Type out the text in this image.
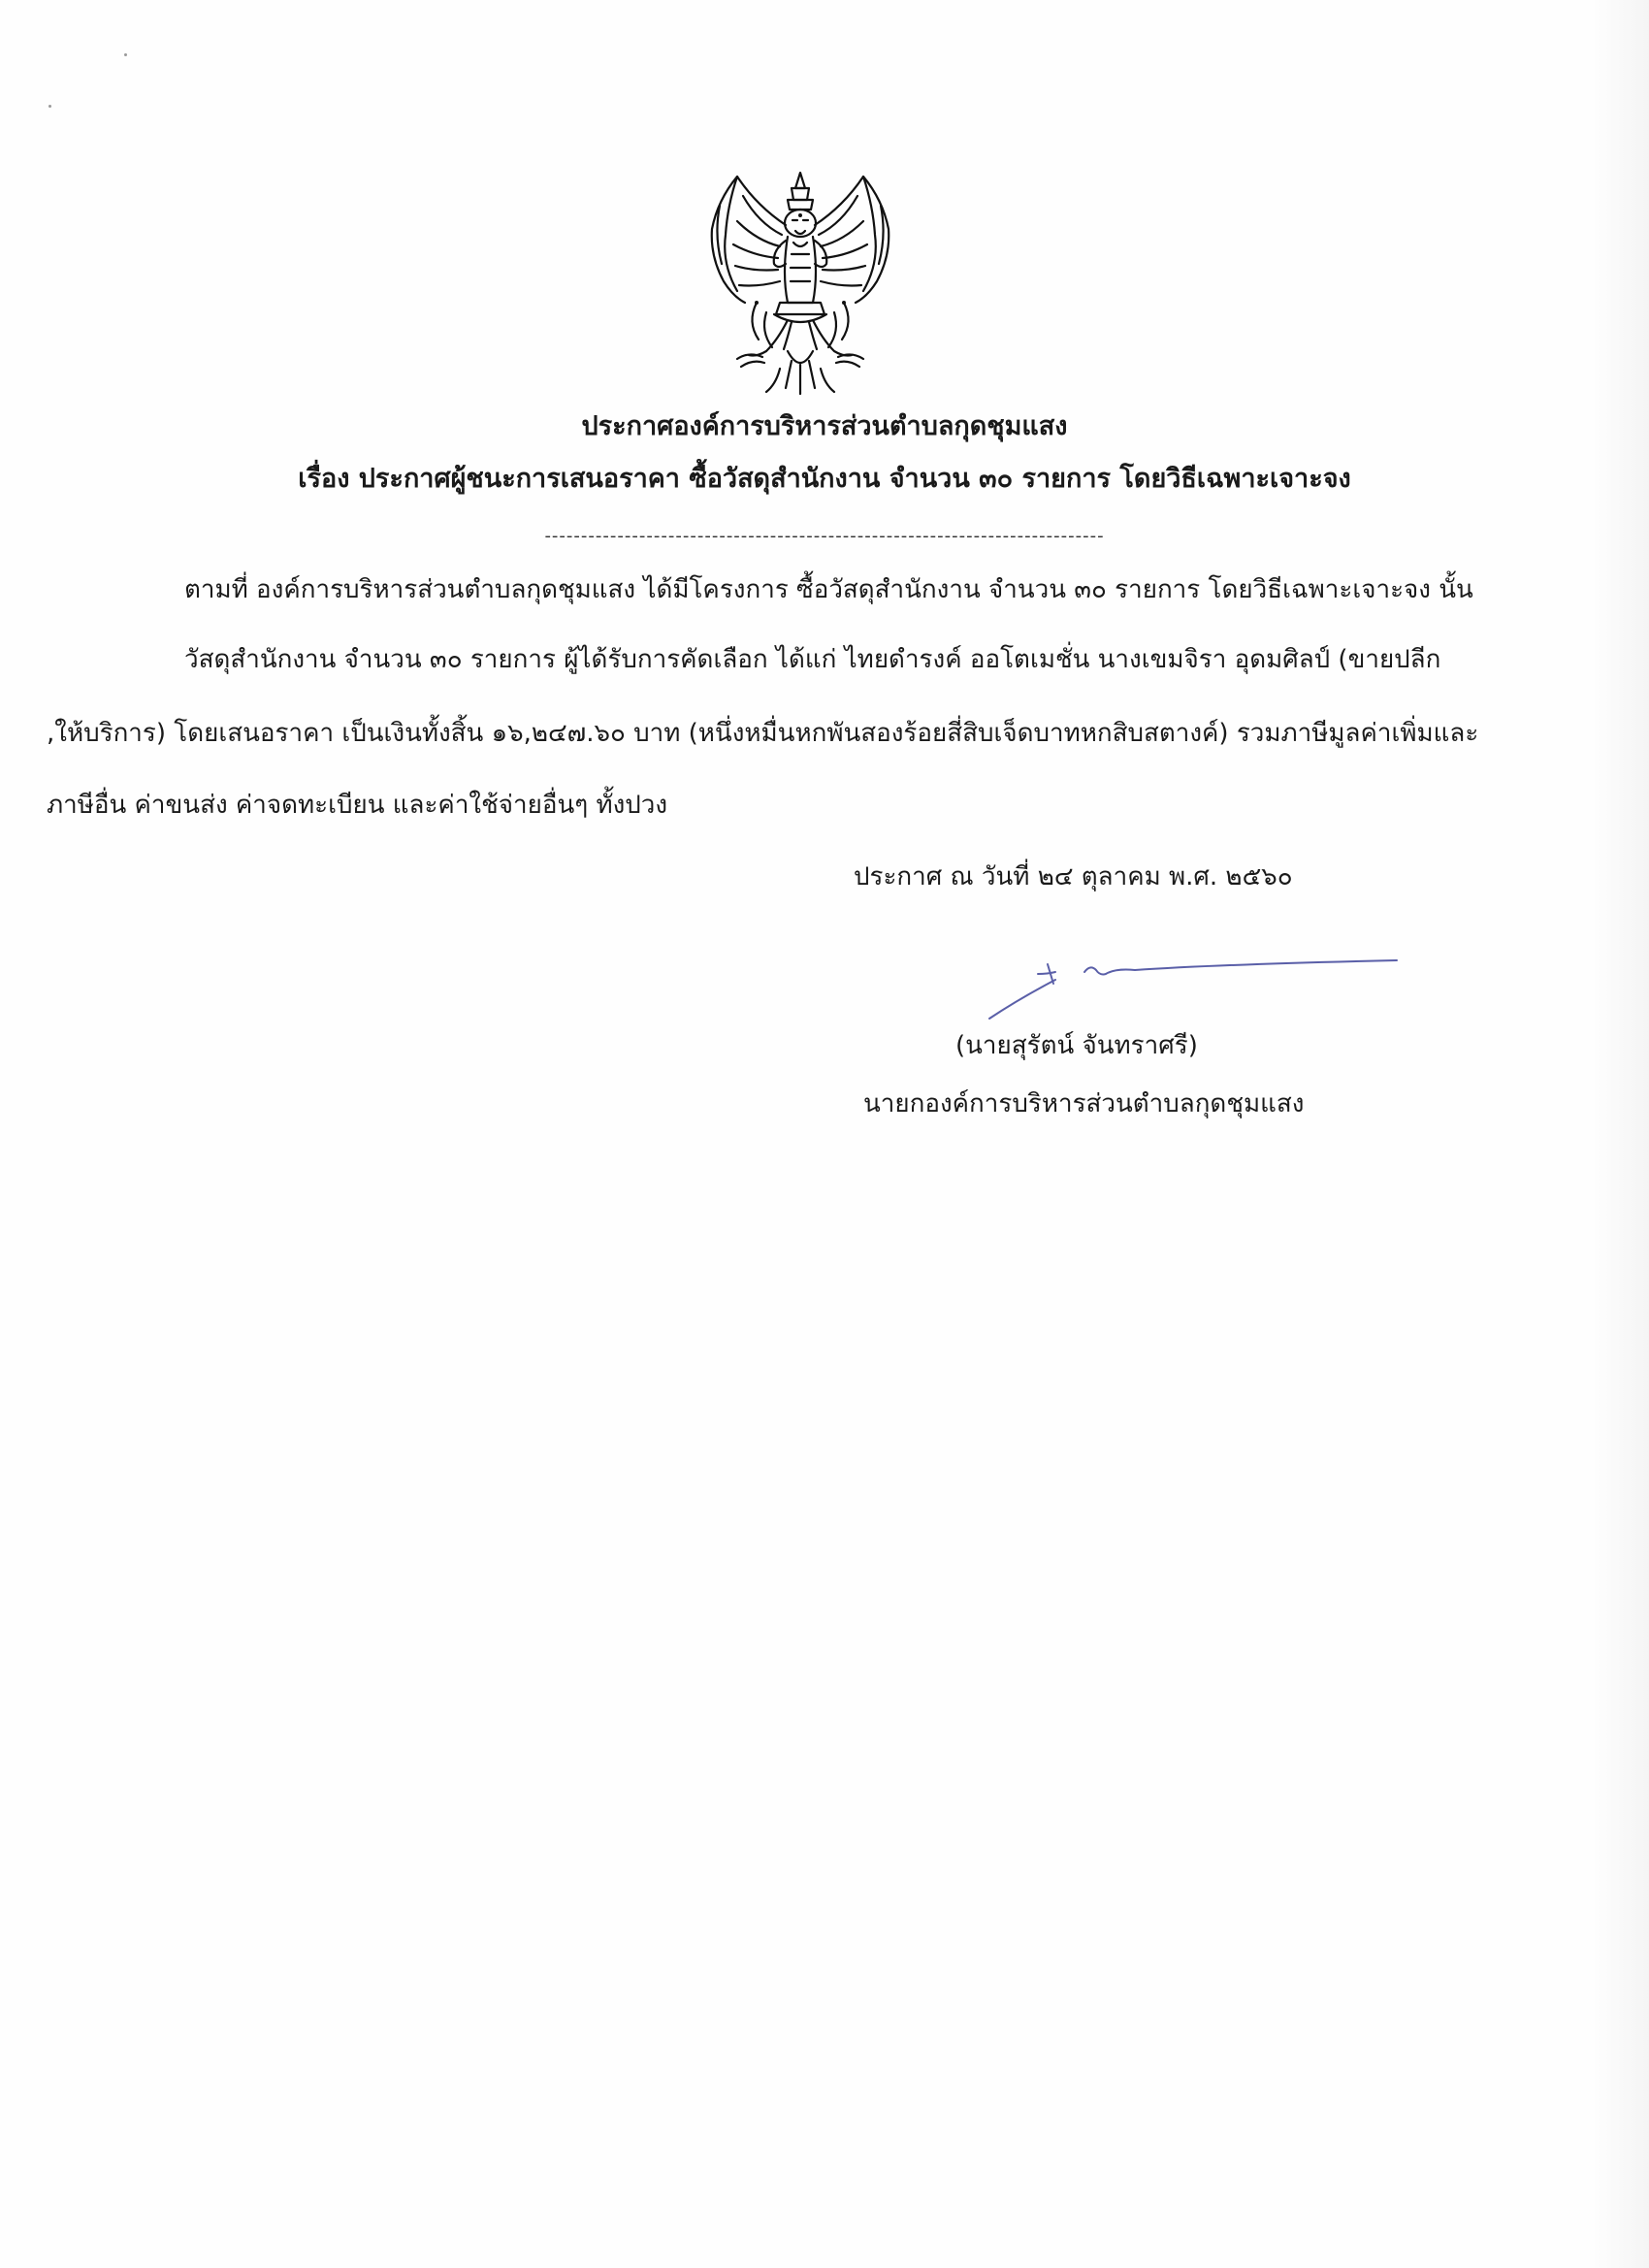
ประกาศองค์การบริหารส่วนตำบลกุดชุมแสง
เรื่อง ประกาศผู้ชนะการเสนอราคา ซื้อวัสดุสำนักงาน จำนวน ๓๐ รายการ โดยวิธีเฉพาะเจาะจง
-----------------------------------------------------------------------------
ตามที่ องค์การบริหารส่วนตำบลกุดชุมแสง ได้มีโครงการ ซื้อวัสดุสำนักงาน จำนวน ๓๐ รายการ โดยวิธีเฉพาะเจาะจง นั้น
วัสดุสำนักงาน จำนวน ๓๐ รายการ ผู้ได้รับการคัดเลือก ได้แก่ ไทยดำรงค์ ออโตเมชั่น นางเขมจิรา อุดมศิลป์ (ขายปลีก
,ให้บริการ) โดยเสนอราคา เป็นเงินทั้งสิ้น ๑๖,๒๔๗.๖๐ บาท (หนึ่งหมื่นหกพันสองร้อยสี่สิบเจ็ดบาทหกสิบสตางค์) รวมภาษีมูลค่าเพิ่มและ
ภาษีอื่น ค่าขนส่ง ค่าจดทะเบียน และค่าใช้จ่ายอื่นๆ ทั้งปวง
ประกาศ ณ วันที่ ๒๔ ตุลาคม พ.ศ. ๒๕๖๐
(นายสุรัตน์ จันทราศรี)
นายกองค์การบริหารส่วนตำบลกุดชุมแสง
